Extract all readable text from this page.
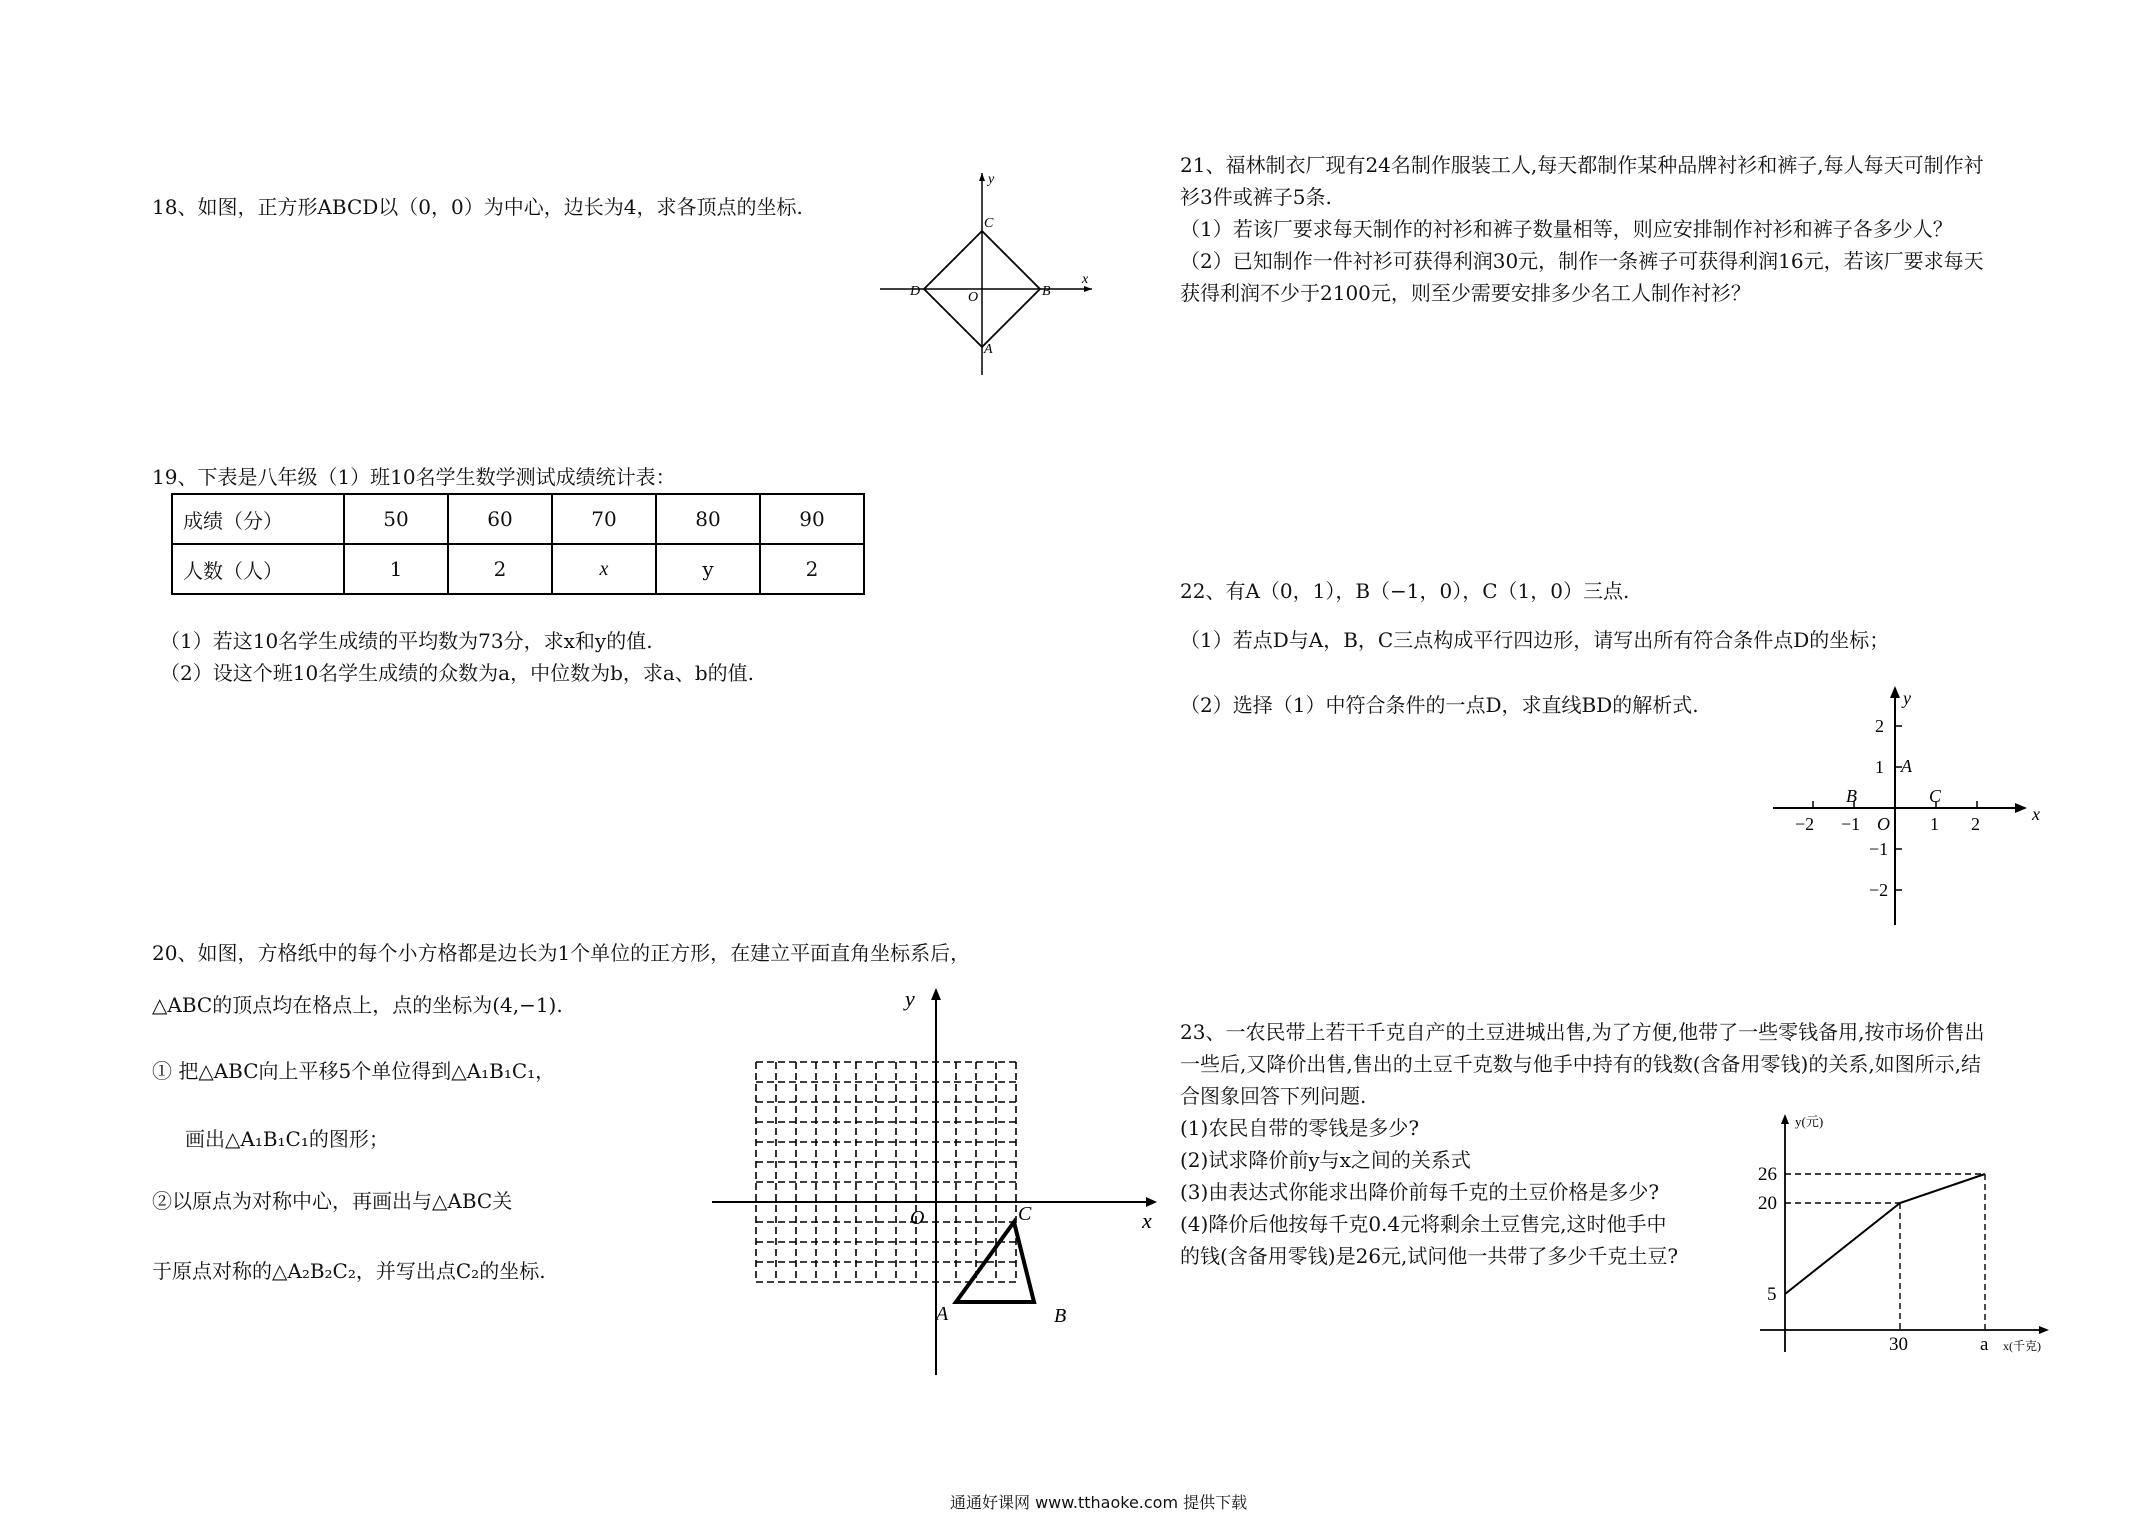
18、如图，正方形ABCD以（0，0）为中心，边长为4，求各顶点的坐标.
y
x
C
D	O	B
A
19、下表是八年级（1）班10名学生数学测试成绩统计表：
成绩（分）	50	60	70	80	90
人数（人）	1	2	x	y	2
（1）若这10名学生成绩的平均数为73分，求x和y的值.
（2）设这个班10名学生成绩的众数为a，中位数为b，求a、b的值.
20、如图，方格纸中的每个小方格都是边长为1个单位的正方形，在建立平面直角坐标系后，
△ABC的顶点均在格点上，点的坐标为(4,−1).
① 把△ABC向上平移5个单位得到△A₁B₁C₁，
画出△A₁B₁C₁的图形；
②以原点为对称中心，再画出与△ABC关
于原点对称的△A₂B₂C₂，并写出点C₂的坐标.
y
x
O
A	B
C
21、福林制衣厂现有24名制作服装工人,每天都制作某种品牌衬衫和裤子,每人每天可制作衬
衫3件或裤子5条.
（1）若该厂要求每天制作的衬衫和裤子数量相等，则应安排制作衬衫和裤子各多少人？
（2）已知制作一件衬衫可获得利润30元，制作一条裤子可获得利润16元，若该厂要求每天
获得利润不少于2100元，则至少需要安排多少名工人制作衬衫？
22、有A（0，1），B（−1，0），C（1，0）三点.
（1）若点D与A，B，C三点构成平行四边形，请写出所有符合条件点D的坐标；
（2）选择（1）中符合条件的一点D，求直线BD的解析式.	y
x
2
1
−1
−2
−2 −1	1 2
A
B	C
O
23、一农民带上若干千克自产的土豆进城出售,为了方便,他带了一些零钱备用,按市场价售出
一些后,又降价出售,售出的土豆千克数与他手中持有的钱数(含备用零钱)的关系,如图所示,结
合图象回答下列问题.
(1)农民自带的零钱是多少?
(2)试求降价前y与x之间的关系式
(3)由表达式你能求出降价前每千克的土豆价格是多少?
(4)降价后他按每千克0.4元将剩余土豆售完,这时他手中
的钱(含备用零钱)是26元,试问他一共带了多少千克土豆?
y(元)
x(千克)
26
20
5
30	a
通通好课网 www.tthaoke.com 提供下载
